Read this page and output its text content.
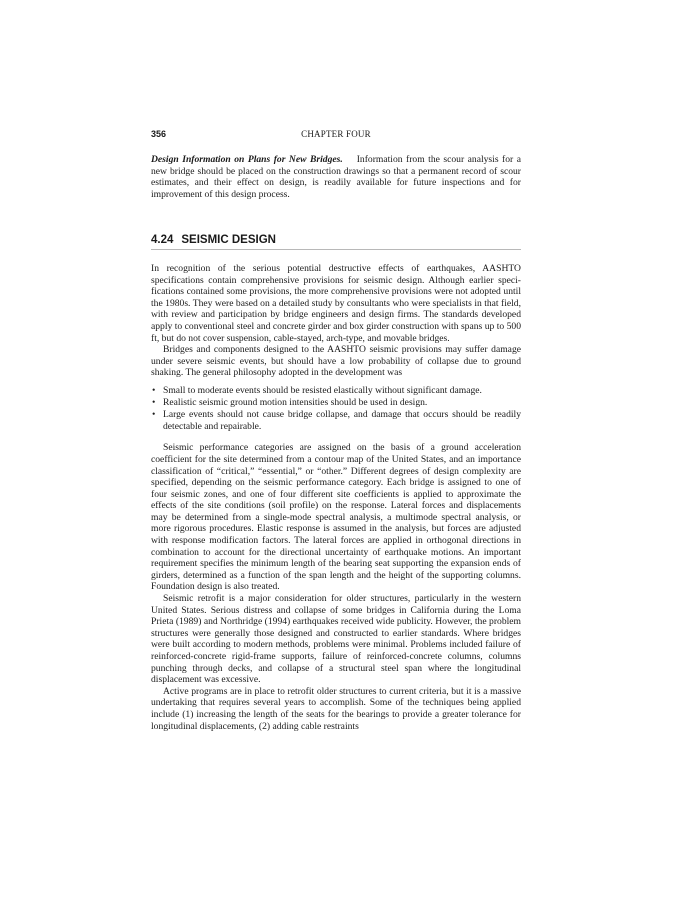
356	CHAPTER FOUR

Design Information on Plans for New Bridges. Information from the scour analysis for a new bridge should be placed on the construction drawings so that a permanent record of scour estimates, and their effect on design, is readily available for future inspections and for improvement of this design process.

4.24 SEISMIC DESIGN

In recognition of the serious potential destructive effects of earthquakes, AASHTO specifications contain comprehensive provisions for seismic design. Although earlier specifications contained some provisions, the more comprehensive provisions were not adopted until the 1980s. They were based on a detailed study by consultants who were specialists in that field, with review and participation by bridge engineers and design firms. The standards developed apply to conventional steel and concrete girder and box girder construction with spans up to 500 ft, but do not cover suspension, cable-stayed, arch-type, and movable bridges.

Bridges and components designed to the AASHTO seismic provisions may suffer damage under severe seismic events, but should have a low probability of collapse due to ground shaking. The general philosophy adopted in the development was

• Small to moderate events should be resisted elastically without significant damage.
• Realistic seismic ground motion intensities should be used in design.
• Large events should not cause bridge collapse, and damage that occurs should be readily detectable and repairable.

Seismic performance categories are assigned on the basis of a ground acceleration coefficient for the site determined from a contour map of the United States, and an importance classification of “critical,” “essential,” or “other.” Different degrees of design complexity are specified, depending on the seismic performance category. Each bridge is assigned to one of four seismic zones, and one of four different site coefficients is applied to approximate the effects of the site conditions (soil profile) on the response. Lateral forces and displacements may be determined from a single-mode spectral analysis, a multimode spectral analysis, or more rigorous procedures. Elastic response is assumed in the analysis, but forces are adjusted with response modification factors. The lateral forces are applied in orthogonal directions in combination to account for the directional uncertainty of earthquake motions. An important requirement specifies the minimum length of the bearing seat supporting the expansion ends of girders, determined as a function of the span length and the height of the supporting columns. Foundation design is also treated.

Seismic retrofit is a major consideration for older structures, particularly in the western United States. Serious distress and collapse of some bridges in California during the Loma Prieta (1989) and Northridge (1994) earthquakes received wide publicity. However, the problem structures were generally those designed and constructed to earlier standards. Where bridges were built according to modern methods, problems were minimal. Problems included failure of reinforced-concrete rigid-frame supports, failure of reinforced-concrete columns, columns punching through decks, and collapse of a structural steel span where the longitudinal displacement was excessive.

Active programs are in place to retrofit older structures to current criteria, but it is a massive undertaking that requires several years to accomplish. Some of the techniques being applied include (1) increasing the length of the seats for the bearings to provide a greater tolerance for longitudinal displacements, (2) adding cable restraints
